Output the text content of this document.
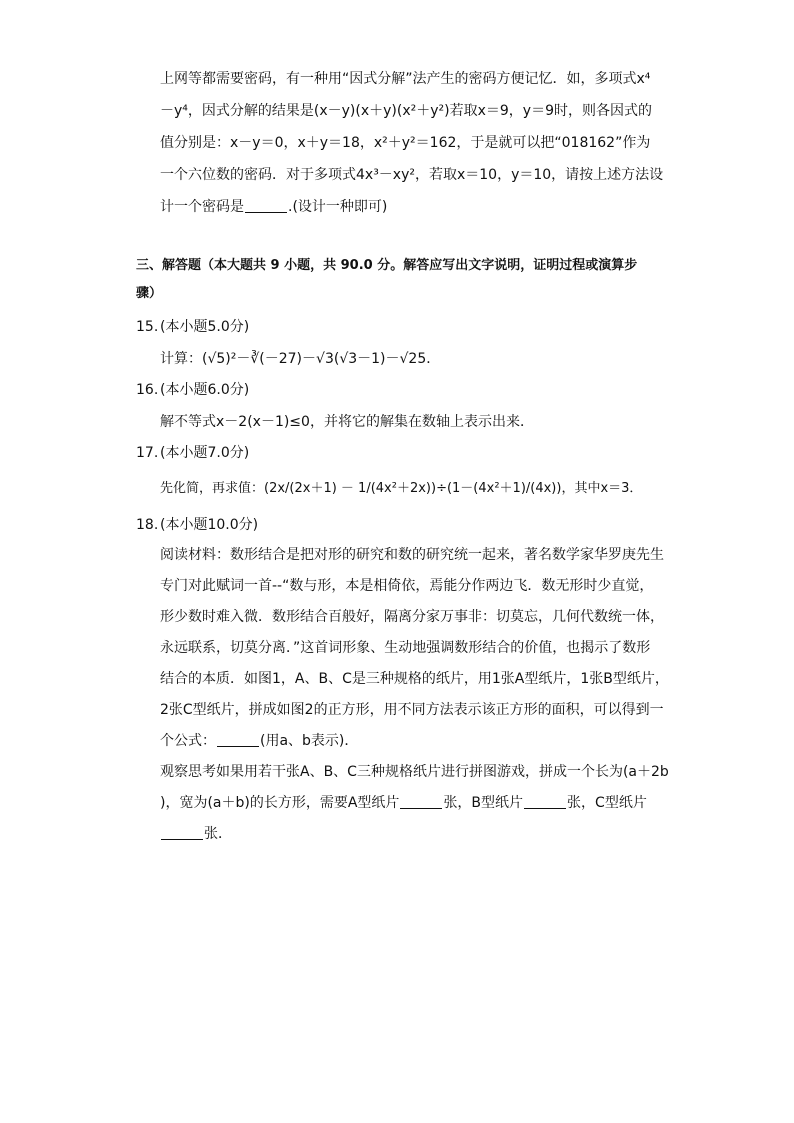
上网等都需要密码，有一种用“因式分解”法产生的密码方便记忆．如，多项式x⁴
－y⁴，因式分解的结果是(x－y)(x＋y)(x²＋y²)若取x＝9，y＝9时，则各因式的
值分别是：x－y＝0，x＋y＝18，x²＋y²＝162，于是就可以把“018162”作为
一个六位数的密码．对于多项式4x³－xy²，若取x＝10，y＝10，请按上述方法设
计一个密码是	.(设计一种即可)
三、解答题（本大题共 9 小题，共 90.0 分。解答应写出文字说明，证明过程或演算步
骤）
15. (本小题5.0分)
计算：(√5)²－∛(－27)－√3(√3－1)－√25．
16. (本小题6.0分)
解不等式x－2(x－1)≤0，并将它的解集在数轴上表示出来．
17. (本小题7.0分)
先化简，再求值：(2x/(2x＋1) － 1/(4x²＋2x))÷(1－(4x²＋1)/(4x))，其中x＝3．
18. (本小题10.0分)
阅读材料：数形结合是把对形的研究和数的研究统一起来，著名数学家华罗庚先生
专门对此赋词一首--“数与形，本是相倚依，焉能分作两边飞．数无形时少直觉，
形少数时难入微．数形结合百般好，隔离分家万事非：切莫忘，几何代数统一体，
永远联系，切莫分离．”这首词形象、生动地强调数形结合的价值，也揭示了数形
结合的本质．如图1，A、B、C是三种规格的纸片，用1张A型纸片，1张B型纸片，
2张C型纸片，拼成如图2的正方形，用不同方法表示该正方形的面积，可以得到一
个公式：	(用a、b表示)．
观察思考如果用若干张A、B、C三种规格纸片进行拼图游戏，拼成一个长为(a＋2b
)，宽为(a＋b)的长方形，需要A型纸片	张，B型纸片	张，C型纸片
张．
